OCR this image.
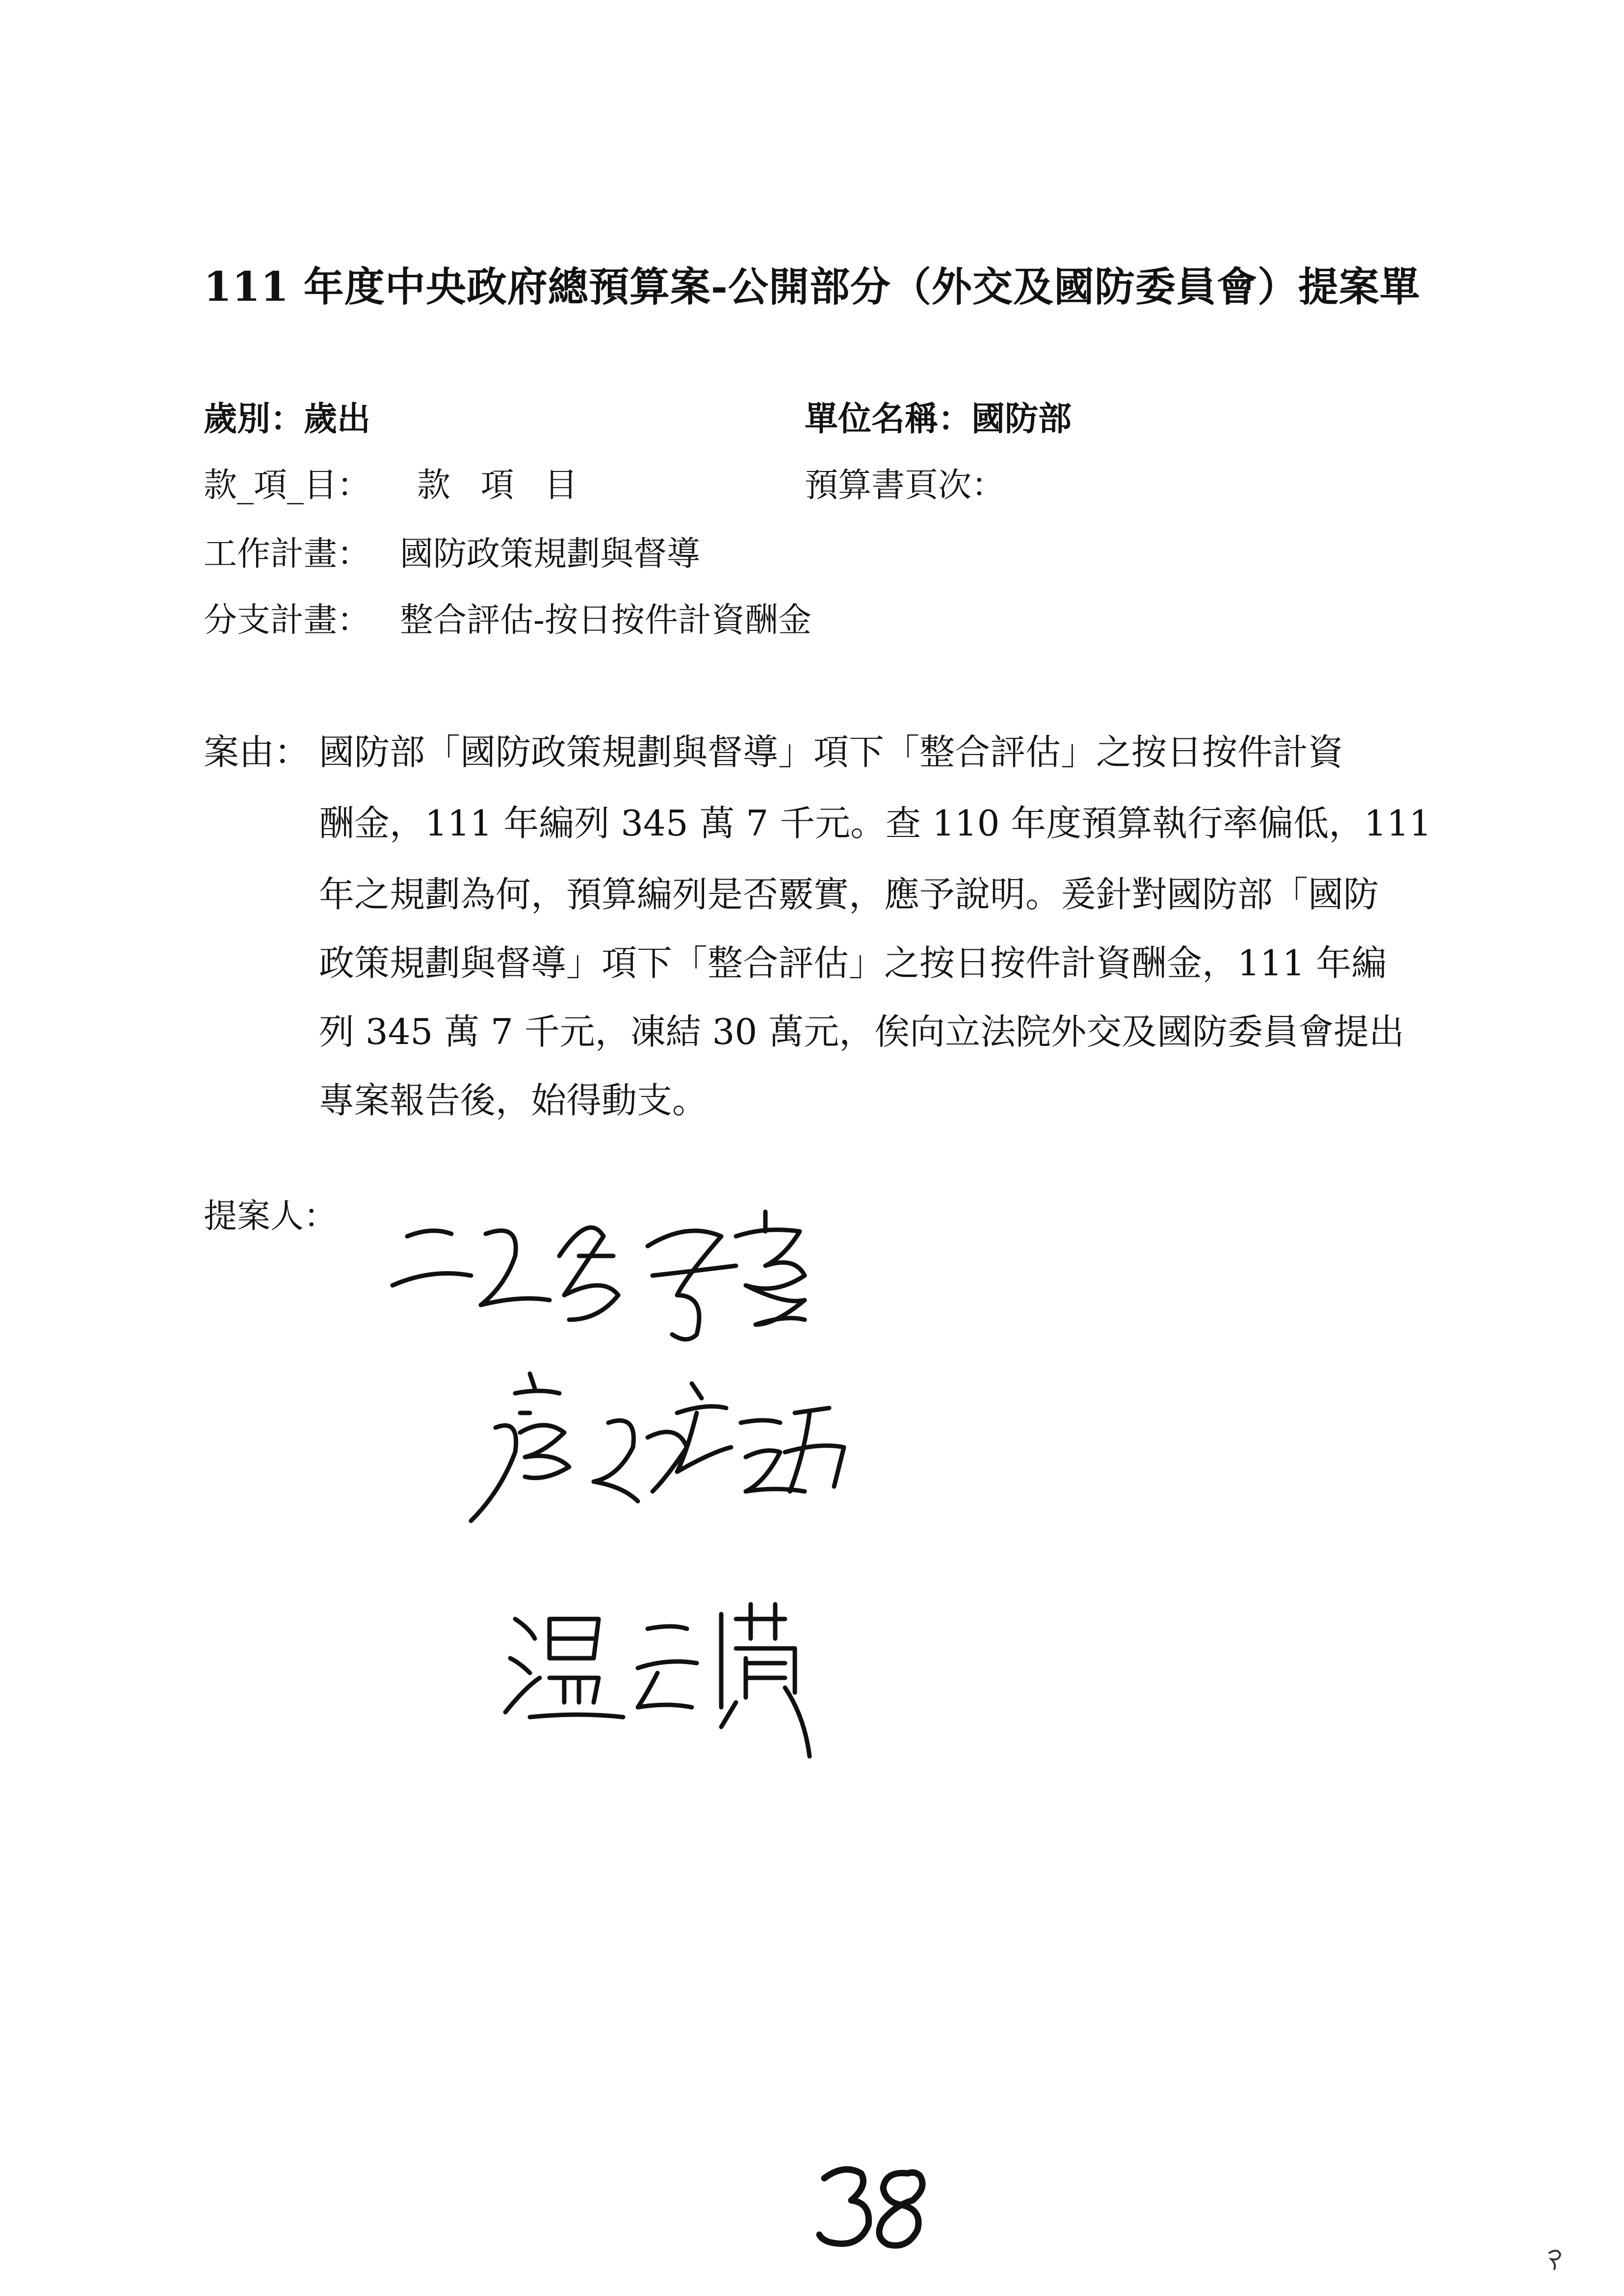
111 年度中央政府總預算案-公開部分（外交及國防委員會）提案單
歲別：歲出	單位名稱：國防部
款_項_目： 款 項 目	預算書頁次：
工作計畫： 國防政策規劃與督導
分支計畫： 整合評估-按日按件計資酬金
案由： 國防部「國防政策規劃與督導」項下「整合評估」之按日按件計資
酬金，111 年編列 345 萬 7 千元。查 110 年度預算執行率偏低，111
年之規劃為何，預算編列是否覈實，應予說明。爰針對國防部「國防
政策規劃與督導」項下「整合評估」之按日按件計資酬金，111 年編
列 345 萬 7 千元，凍結 30 萬元，俟向立法院外交及國防委員會提出
專案報告後，始得動支。
提案人：
